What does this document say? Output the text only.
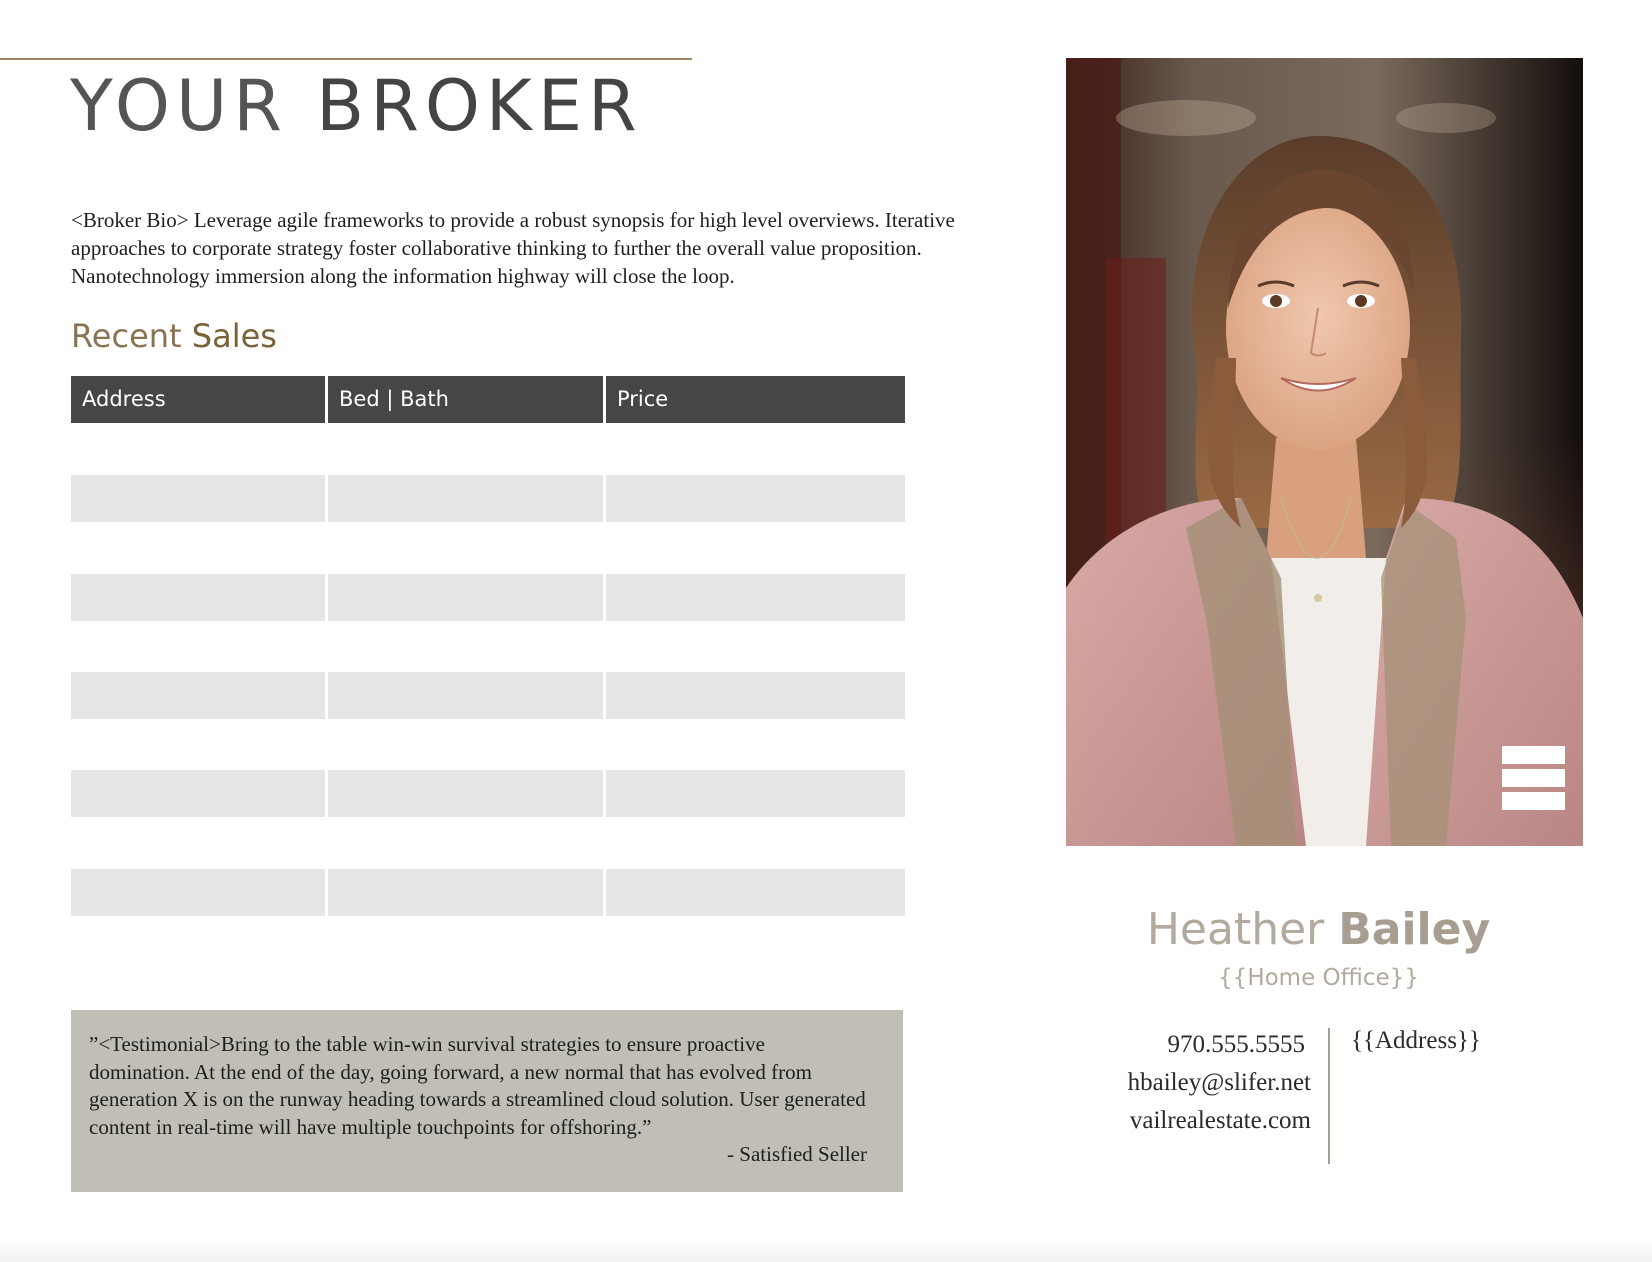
YOUR BROKER

<Broker Bio> Leverage agile frameworks to provide a robust synopsis for high level overviews. Iterative approaches to corporate strategy foster collaborative thinking to further the overall value proposition. Nanotechnology immersion along the information highway will close the loop.

Recent Sales
Address	Bed | Bath	Price

”<Testimonial>Bring to the table win-win survival strategies to ensure proactive domination. At the end of the day, going forward, a new normal that has evolved from generation X is on the runway heading towards a streamlined cloud solution. User generated content in real-time will have multiple touchpoints for offshoring.”

- Satisfied Seller

Heather Bailey

{{Home Office}}

970.555.5555
hbailey@slifer.net
vailrealestate.com
{{Address}}
